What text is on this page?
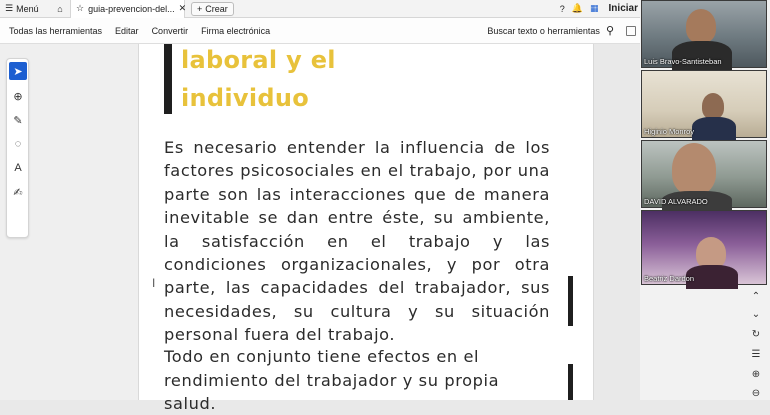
☰ Menú ⌂ ☆ guia-prevencion-del... ✕ + Crear	? 🔔 ▦	Iniciar
Todas las herramientas Editar Convertir Firma electrónica	Buscar texto o herramientas ⚲
➤
⊕
✎
◌
A
✍
laboral y el
individuo
Es necesario entender la influencia de los factores psicosociales en el trabajo, por una parte son las interacciones que de manera inevitable se dan entre éste, su ambiente, la satisfacción en el trabajo y las condiciones organizacionales, y por otra parte, las capacidades del trabajador, sus necesidades, su cultura y su situación personal fuera del trabajo.
Todo en conjunto tiene efectos en el
rendimiento del trabajador y su propia salud.
I
Luis Bravo-Santisteban
Higinio Monroy
DAVID ALVARADO
Beatriz Dardon
⌃
⌄
↻
☰
⊕
⊖
